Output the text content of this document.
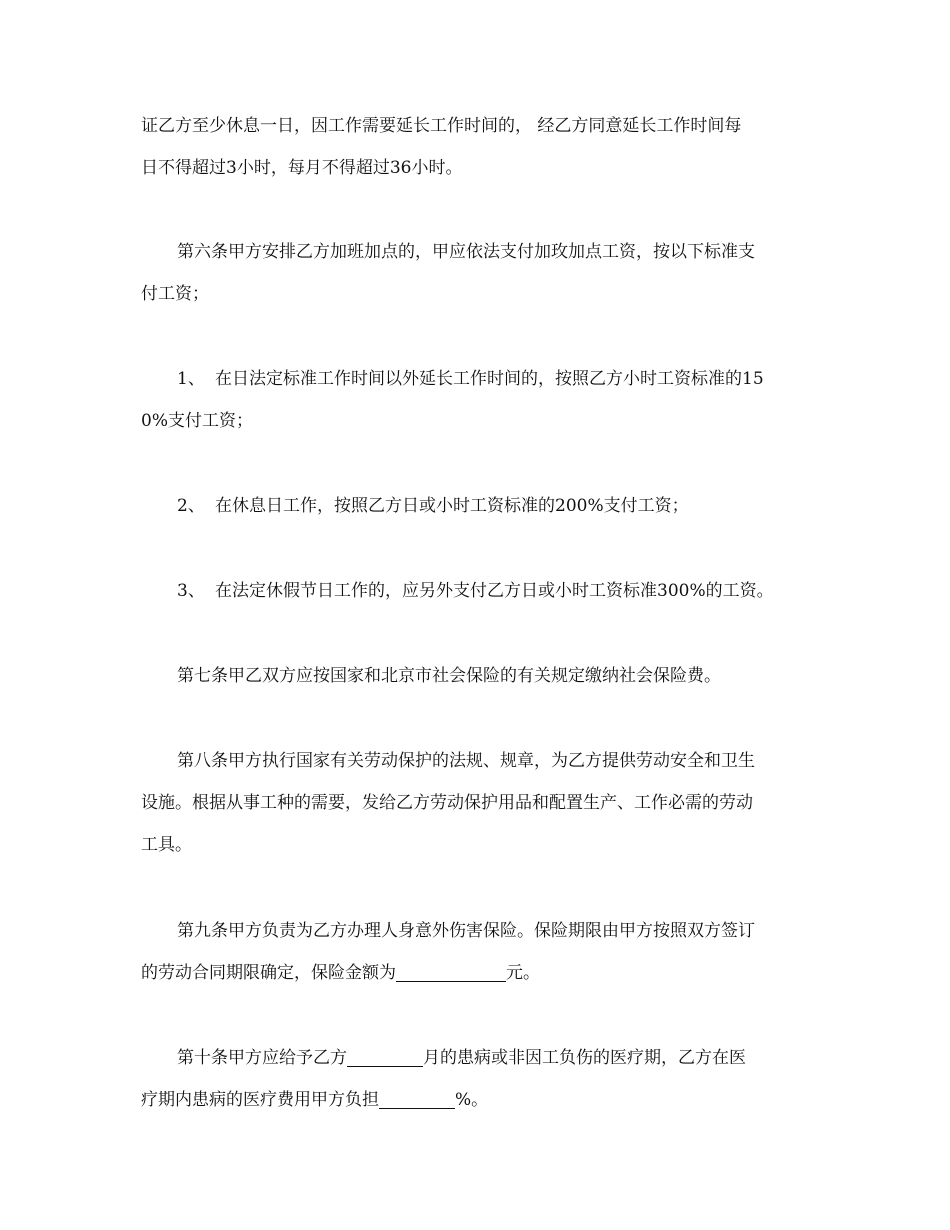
证乙方至少休息一日，因工作需要延长工作时间的， 经乙方同意延长工作时间每
日不得超过3小时，每月不得超过36小时。
第六条甲方安排乙方加班加点的，甲应依法支付加玫加点工资，按以下标准支
付工资；
1、 在日法定标准工作时间以外延长工作时间的，按照乙方小时工资标准的15
0%支付工资；
2、 在休息日工作，按照乙方日或小时工资标准的200%支付工资；
3、 在法定休假节日工作的，应另外支付乙方日或小时工资标准300%的工资。
第七条甲乙双方应按国家和北京市社会保险的有关规定缴纳社会保险费。
第八条甲方执行国家有关劳动保护的法规、规章，为乙方提供劳动安全和卫生
设施。根据从事工种的需要，发给乙方劳动保护用品和配置生产、工作必需的劳动
工具。
第九条甲方负责为乙方办理人身意外伤害保险。保险期限由甲方按照双方签订
的劳动合同期限确定，保险金额为	元。
第十条甲方应给予乙方	月的患病或非因工负伤的医疗期，乙方在医
疗期内患病的医疗费用甲方负担	%。
